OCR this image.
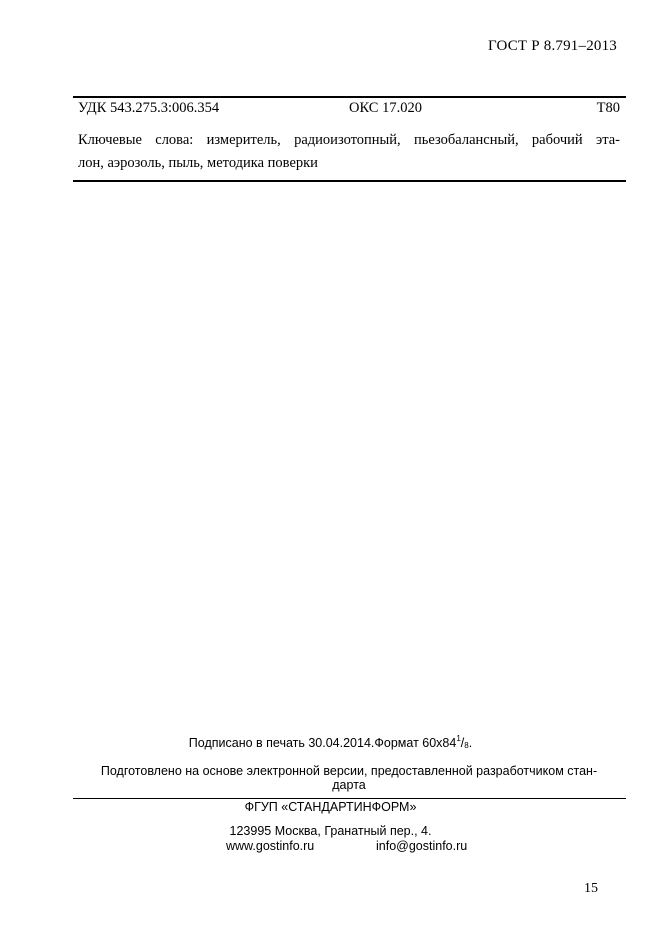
ГОСТ Р 8.791–2013
УДК 543.275.3:006.354	ОКС 17.020	Т80
Ключевые слова: измеритель, радиоизотопный, пьезобалансный, рабочий эта-
лон, аэрозоль, пыль, методика поверки
Подписано в печать 30.04.2014.Формат $60х84^1/_8$.
Подготовлено на основе электронной версии, предоставленной разработчиком стан-
дарта
ФГУП «СТАНДАРТИНФОРМ»
123995 Москва, Гранатный пер., 4.
www.gostinfo.ru	info@gostinfo.ru
15
